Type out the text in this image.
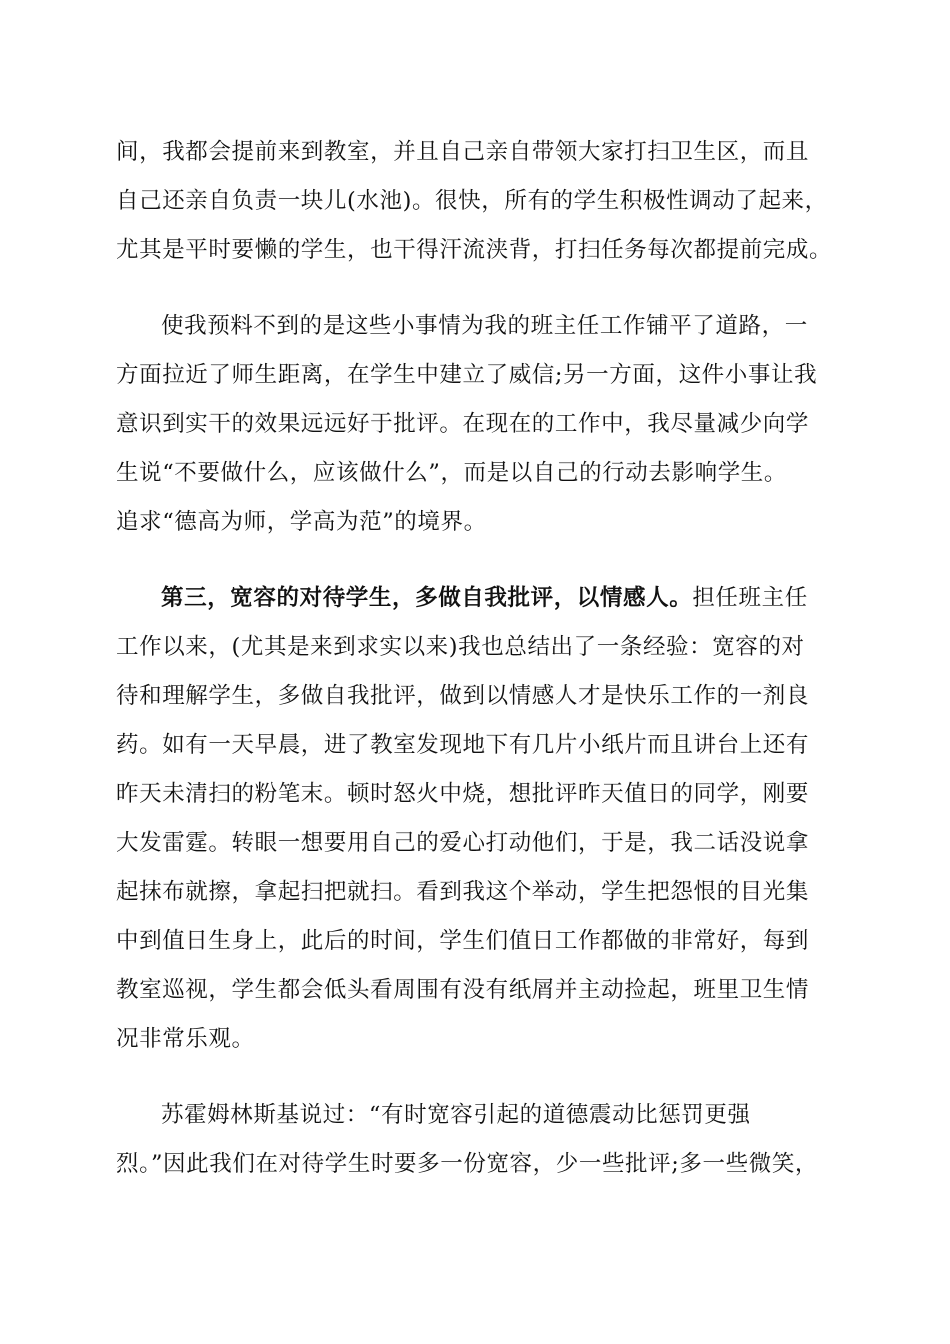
间，我都会提前来到教室，并且自己亲自带领大家打扫卫生区，而且
自己还亲自负责一块儿(水池)。很快，所有的学生积极性调动了起来，
尤其是平时要懒的学生，也干得汗流浃背，打扫任务每次都提前完成。
使我预料不到的是这些小事情为我的班主任工作铺平了道路，一
方面拉近了师生距离，在学生中建立了威信;另一方面，这件小事让我
意识到实干的效果远远好于批评。在现在的工作中，我尽量减少向学
生说“不要做什么，应该做什么”，而是以自己的行动去影响学生。
追求“德高为师，学高为范”的境界。
第三，宽容的对待学生，多做自我批评，以情感人。担任班主任
工作以来，(尤其是来到求实以来)我也总结出了一条经验：宽容的对
待和理解学生，多做自我批评，做到以情感人才是快乐工作的一剂良
药。如有一天早晨，进了教室发现地下有几片小纸片而且讲台上还有
昨天未清扫的粉笔末。顿时怒火中烧，想批评昨天值日的同学，刚要
大发雷霆。转眼一想要用自己的爱心打动他们，于是，我二话没说拿
起抹布就擦，拿起扫把就扫。看到我这个举动，学生把怨恨的目光集
中到值日生身上，此后的时间，学生们值日工作都做的非常好，每到
教室巡视，学生都会低头看周围有没有纸屑并主动捡起，班里卫生情
况非常乐观。
苏霍姆林斯基说过：“有时宽容引起的道德震动比惩罚更强
烈。”因此我们在对待学生时要多一份宽容，少一些批评;多一些微笑，
